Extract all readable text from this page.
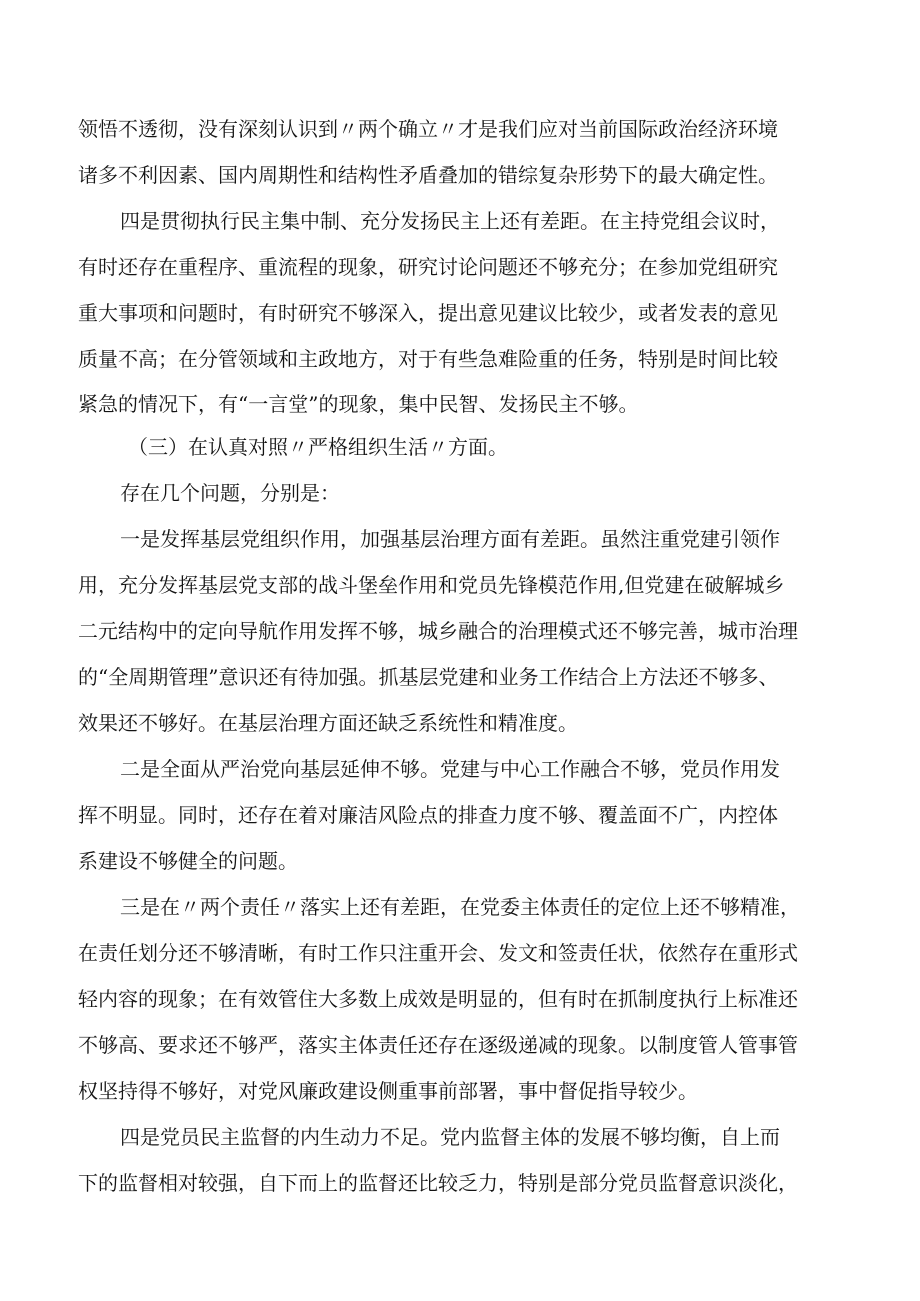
领悟不透彻，没有深刻认识到〃两个确立〃才是我们应对当前国际政治经济环境
诸多不利因素、国内周期性和结构性矛盾叠加的错综复杂形势下的最大确定性。
四是贯彻执行民主集中制、充分发扬民主上还有差距。在主持党组会议时，
有时还存在重程序、重流程的现象，研究讨论问题还不够充分；在参加党组研究
重大事项和问题时，有时研究不够深入，提出意见建议比较少，或者发表的意见
质量不高；在分管领域和主政地方，对于有些急难险重的任务，特别是时间比较
紧急的情况下，有“一言堂”的现象，集中民智、发扬民主不够。
（三）在认真对照〃严格组织生活〃方面。
存在几个问题，分别是：
一是发挥基层党组织作用，加强基层治理方面有差距。虽然注重党建引领作
用，充分发挥基层党支部的战斗堡垒作用和党员先锋模范作用,但党建在破解城乡
二元结构中的定向导航作用发挥不够，城乡融合的治理模式还不够完善，城市治理
的“全周期管理”意识还有待加强。抓基层党建和业务工作结合上方法还不够多、
效果还不够好。在基层治理方面还缺乏系统性和精准度。
二是全面从严治党向基层延伸不够。党建与中心工作融合不够，党员作用发
挥不明显。同时，还存在着对廉洁风险点的排查力度不够、覆盖面不广，内控体
系建设不够健全的问题。
三是在〃两个责任〃落实上还有差距，在党委主体责任的定位上还不够精准，
在责任划分还不够清晰，有时工作只注重开会、发文和签责任状，依然存在重形式
轻内容的现象；在有效管住大多数上成效是明显的，但有时在抓制度执行上标准还
不够高、要求还不够严，落实主体责任还存在逐级递减的现象。以制度管人管事管
权坚持得不够好，对党风廉政建设侧重事前部署，事中督促指导较少。
四是党员民主监督的内生动力不足。党内监督主体的发展不够均衡，自上而
下的监督相对较强，自下而上的监督还比较乏力，特别是部分党员监督意识淡化，
